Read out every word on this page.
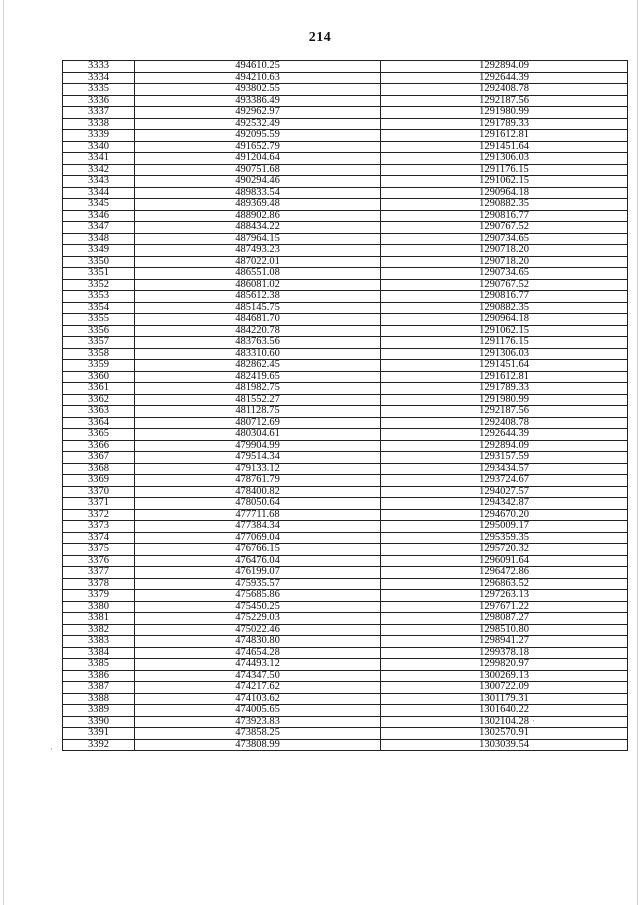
214
3333	494610.25	1292894.09
3334	494210.63	1292644.39
3335	493802.55	1292408.78
3336	493386.49	1292187.56
3337	492962.97	1291980.99
3338	492532.49	1291789.33
3339	492095.59	1291612.81
3340	491652.79	1291451.64
3341	491204.64	1291306.03
3342	490751.68	1291176.15
3343	490294.46	1291062.15
3344	489833.54	1290964.18
3345	489369.48	1290882.35
3346	488902.86	1290816.77
3347	488434.22	1290767.52
3348	487964.15	1290734.65
3349	487493.23	1290718.20
3350	487022.01	1290718.20
3351	486551.08	1290734.65
3352	486081.02	1290767.52
3353	485612.38	1290816.77
3354	485145.75	1290882.35
3355	484681.70	1290964.18
3356	484220.78	1291062.15
3357	483763.56	1291176.15
3358	483310.60	1291306.03
3359	482862.45	1291451.64
3360	482419.65	1291612.81
3361	481982.75	1291789.33
3362	481552.27	1291980.99
3363	481128.75	1292187.56
3364	480712.69	1292408.78
3365	480304.61	1292644.39
3366	479904.99	1292894.09
3367	479514.34	1293157.59
3368	479133.12	1293434.57
3369	478761.79	1293724.67
3370	478400.82	1294027.57
3371	478050.64	1294342.87
3372	477711.68	1294670.20
3373	477384.34	1295009.17
3374	477069.04	1295359.35
3375	476766.15	1295720.32
3376	476476.04	1296091.64
3377	476199.07	1296472.86
3378	475935.57	1296863.52
3379	475685.86	1297263.13
3380	475450.25	1297671.22
3381	475229.03	1298087.27
3382	475022.46	1298510.80
3383	474830.80	1298941.27
3384	474654.28	1299378.18
3385	474493.12	1299820.97
3386	474347.50	1300269.13
3387	474217.62	1300722.09
3388	474103.62	1301179.31
3389	474005.65	1301640.22
3390	473923.83	1302104.28
3391	473858.25	1302570.91
3392	473808.99	1303039.54
·
·
